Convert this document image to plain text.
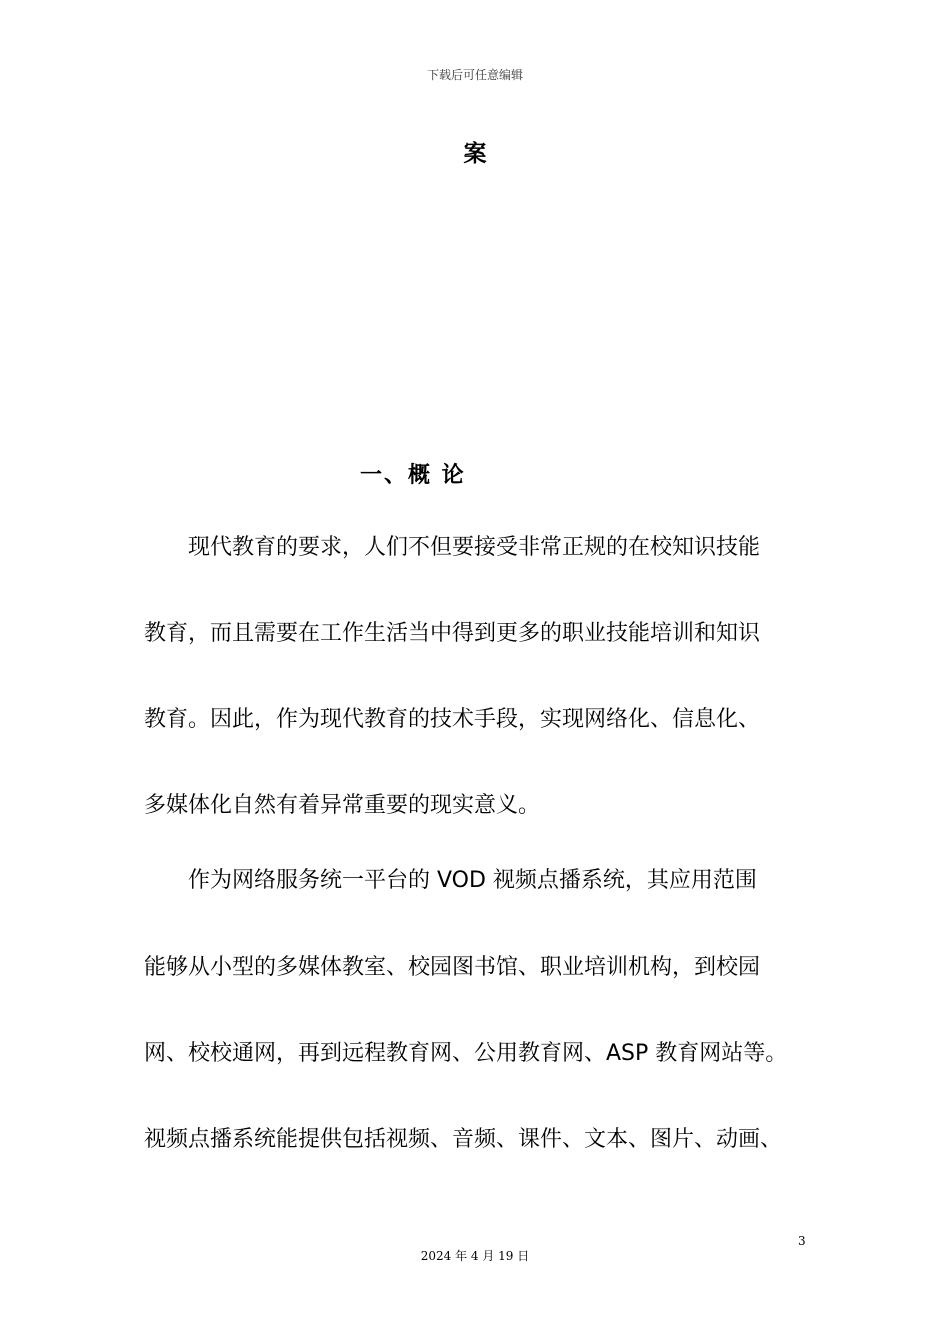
下载后可任意编辑
案
一、概 论
　　现代教育的要求，人们不但要接受非常正规的在校知识技能
教育，而且需要在工作生活当中得到更多的职业技能培训和知识
教育。因此，作为现代教育的技术手段，实现网络化、信息化、
多媒体化自然有着异常重要的现实意义。
　　作为网络服务统一平台的 VOD 视频点播系统，其应用范围
能够从小型的多媒体教室、校园图书馆、职业培训机构，到校园
网、校校通网，再到远程教育网、公用教育网、ASP 教育网站等。
视频点播系统能提供包括视频、音频、课件、文本、图片、动画、
3
2024 年 4 月 19 日
